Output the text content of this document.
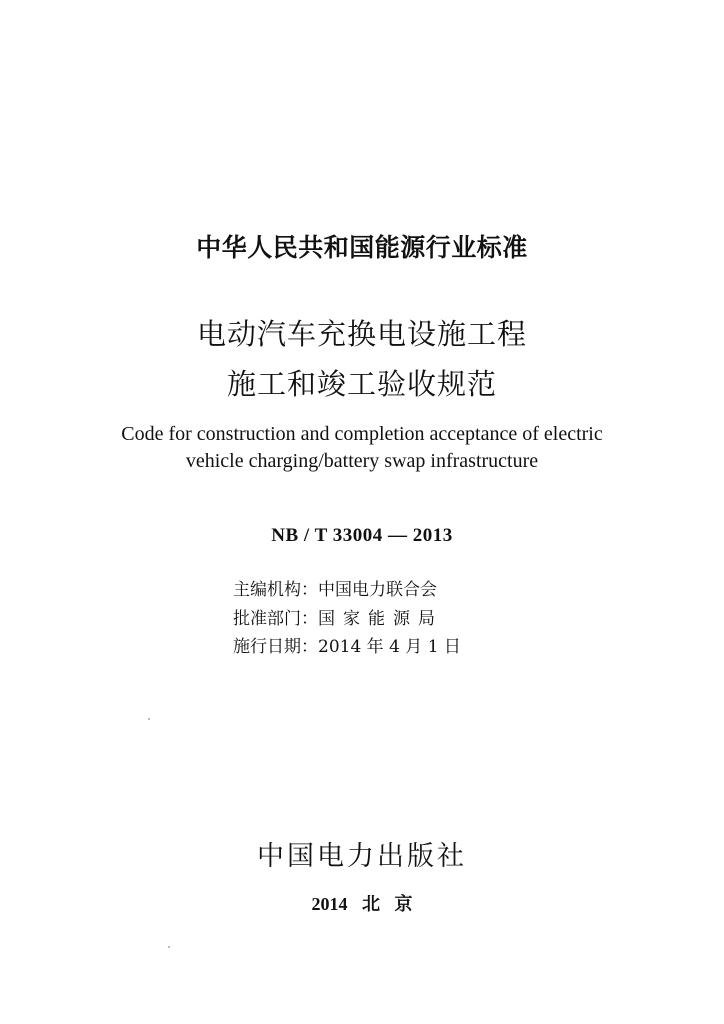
中华人民共和国能源行业标准
电动汽车充换电设施工程
施工和竣工验收规范
Code for construction and completion acceptance of electric
vehicle charging/battery swap infrastructure
NB / T 33004 — 2013
主编机构：中国电力联合会
批准部门：国家能源局
施行日期：2014 年 4 月 1 日
中国电力出版社
2014 北 京
